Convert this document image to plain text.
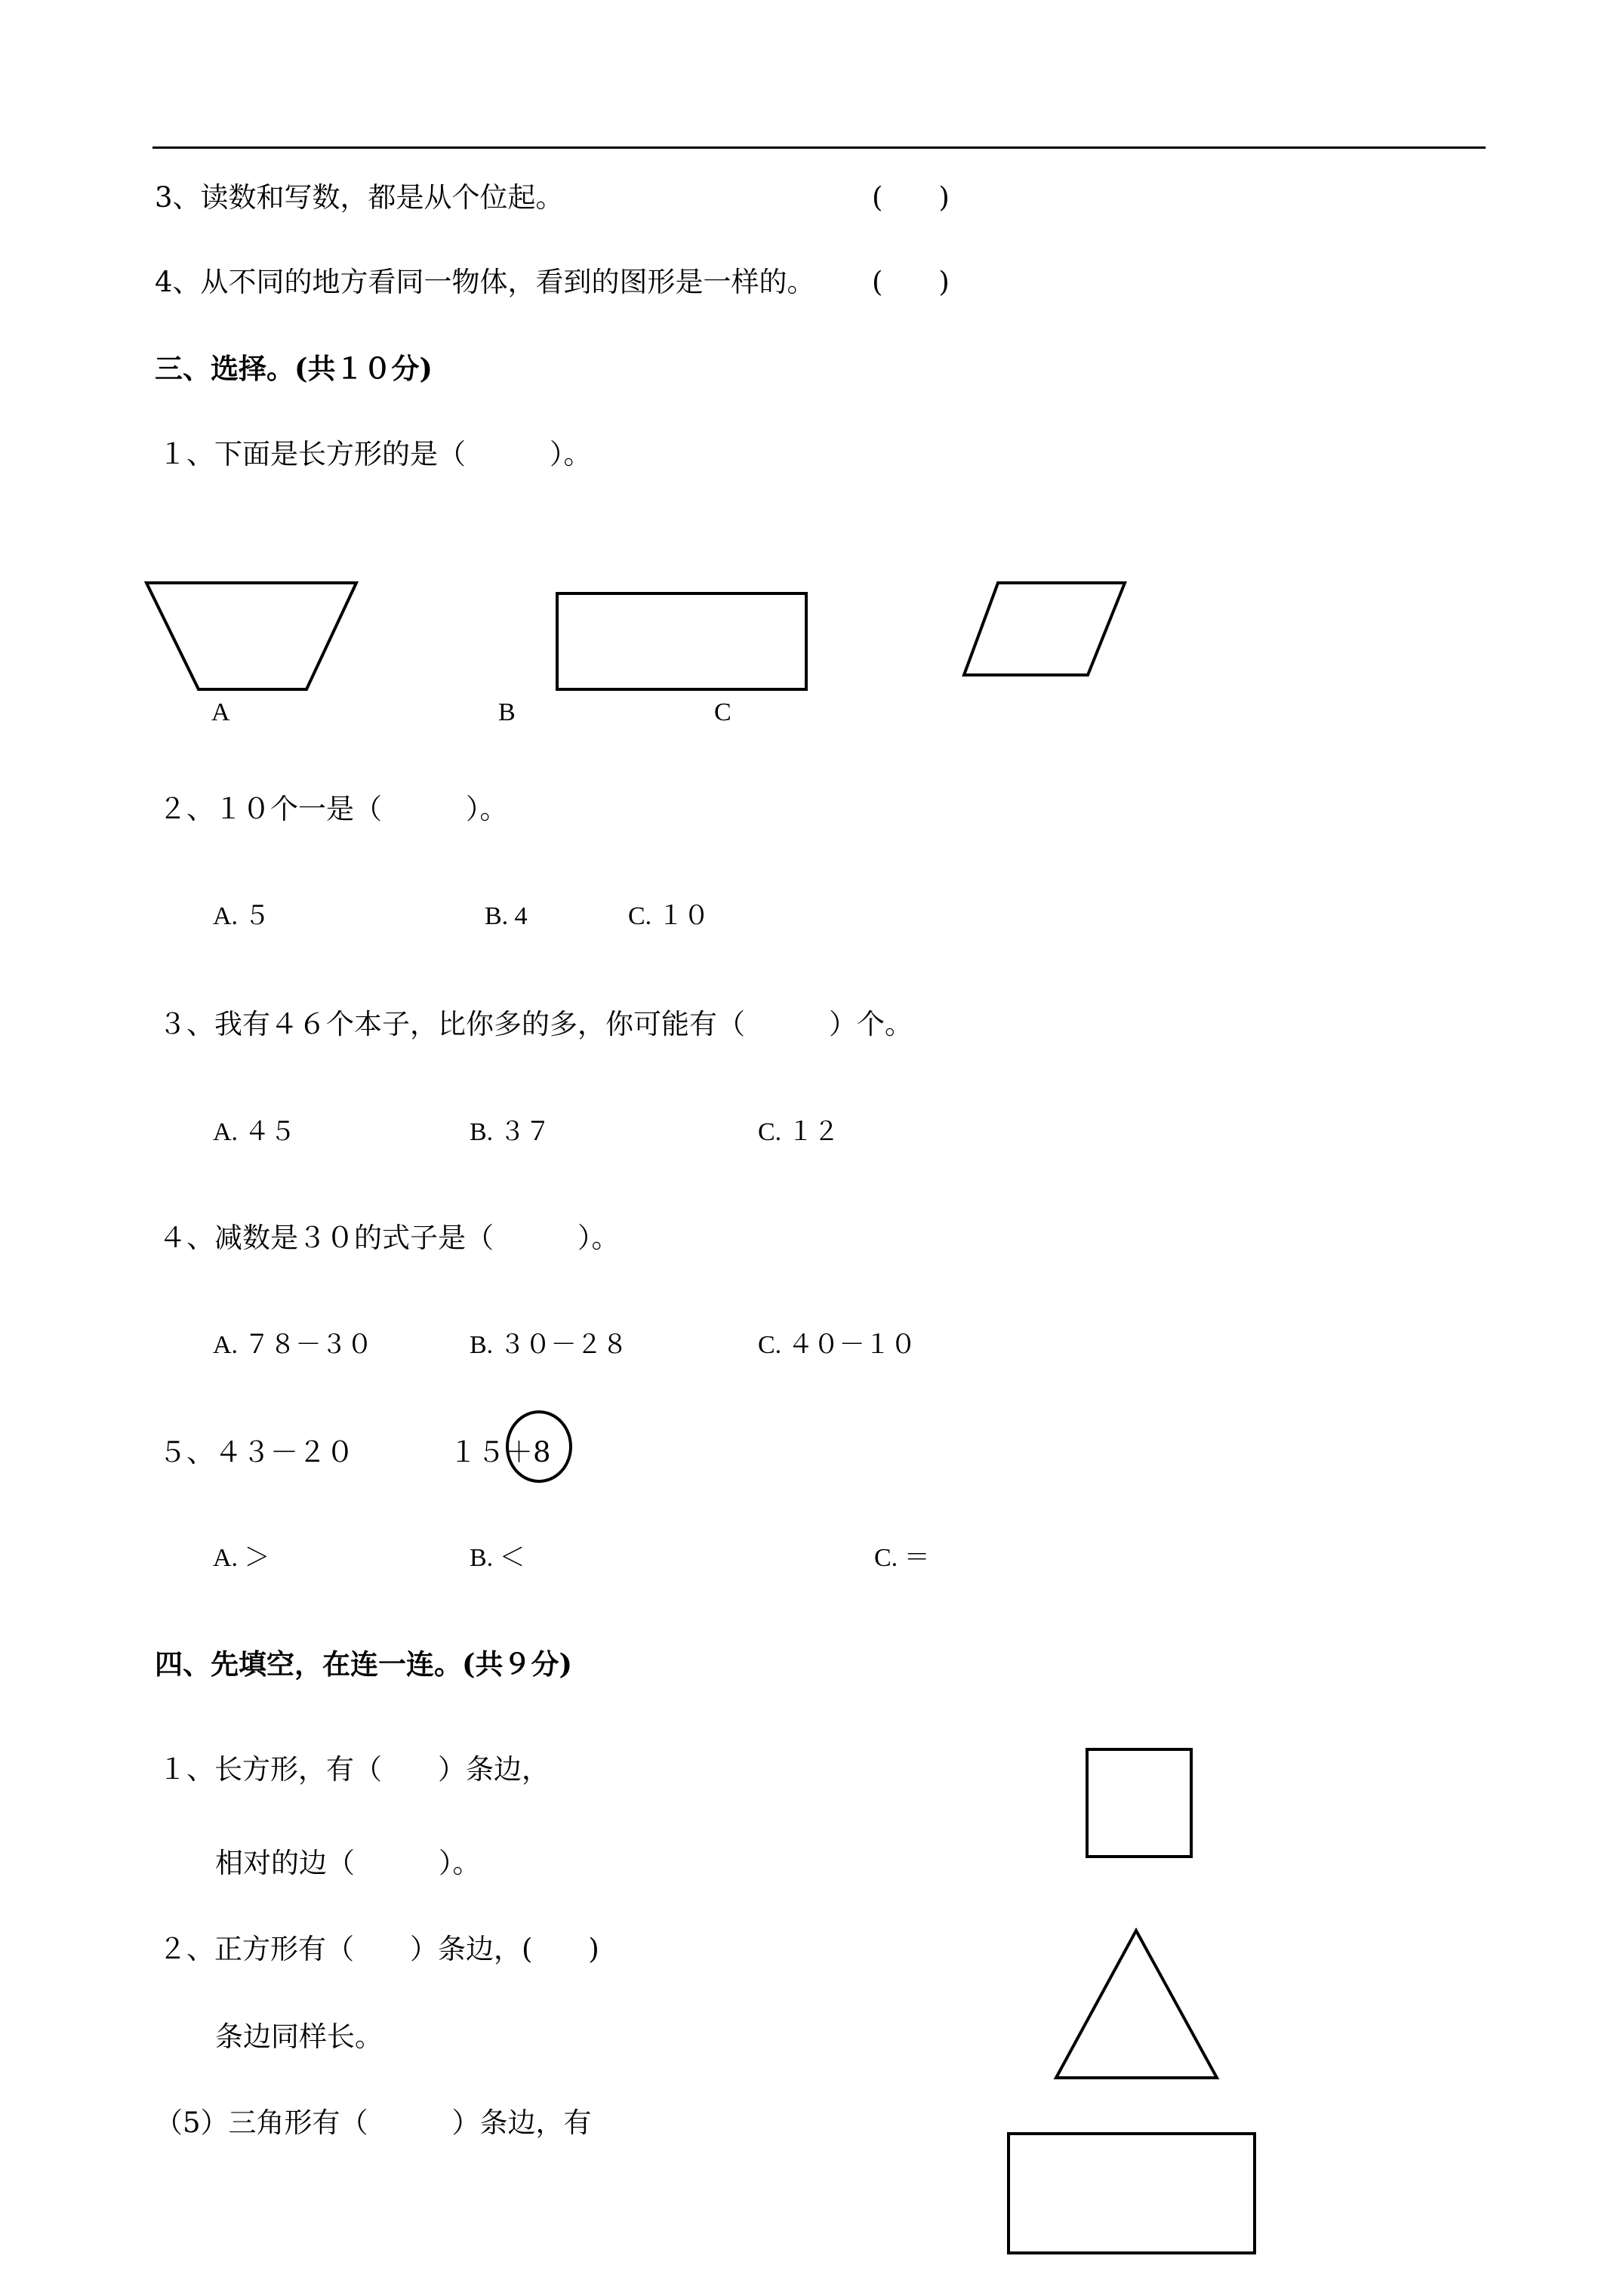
3、读数和写数，都是从个位起。	(　　)
4、从不同的地方看同一物体，看到的图形是一样的。 (　　)
三、选择。(共１０分)
１、下面是长方形的是（　　　）。
A	B	C
２、１０个一是（　　　）。
A. ５	B. 4	C. １０
３、我有４６个本子，比你多的多，你可能有（　　　）个。
A. ４５	B. ３７	C. １２
４、减数是３０的式子是（　　　）。
A. ７８－３０	B. ３０－２８	C. ４０－１０
５、４３－２０	１５＋8
A. ＞	B. ＜	C. ＝
四、先填空，在连一连。(共９分)
１、长方形，有（　　）条边，
相对的边（　　　）。
２、正方形有（　　）条边，(　　)
条边同样长。
（5）三角形有（　　　）条边，有
